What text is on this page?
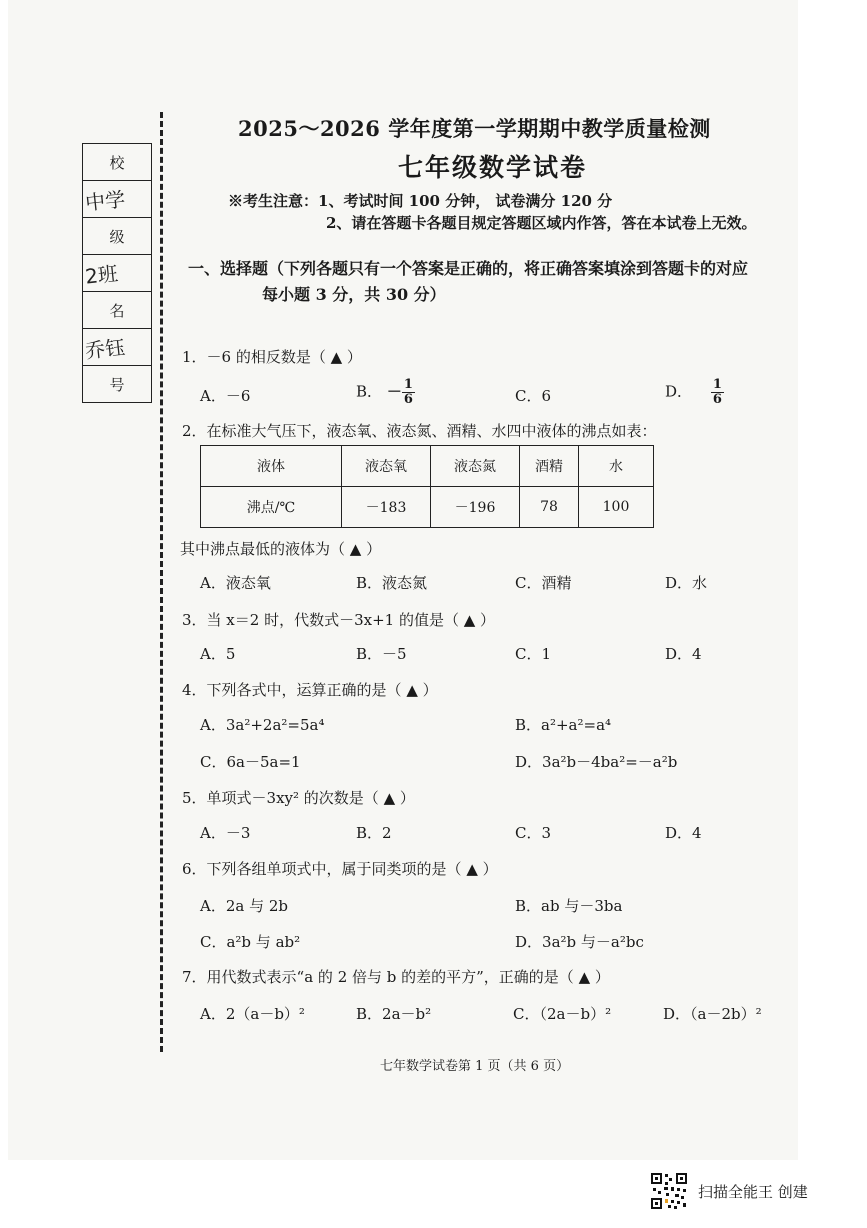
校

中学

级

2班

名

乔钰

号
2025～2026 学年度第一学期期中教学质量检测
七年级数学试卷
※考生注意：1、考试时间 100 分钟， 试卷满分 120 分
2、请在答题卡各题目规定答题区域内作答，答在本试卷上无效。
一、选择题（下列各题只有一个答案是正确的，将正确答案填涂到答题卡的对应
每小题 3 分，共 30 分）
1．－6 的相反数是（ ▲ ）
A．－6	B． － $\frac{1}{6}$	C．6	D． $\frac{1}{6}$
2．在标准大气压下，液态氧、液态氮、酒精、水四中液体的沸点如表：
液体	液态氧	液态氮	酒精	水
沸点/℃	－183	－196	78	100
其中沸点最低的液体为（ ▲ ）
A．液态氧	B．液态氮	C．酒精	D．水
3．当 x＝2 时，代数式－3x+1 的值是（ ▲ ）
A．5	B．－5	C．1	D．4
4．下列各式中，运算正确的是（ ▲ ）
A．3a²+2a²=5a⁴	B．a²+a²=a⁴
C．6a－5a=1	D．3a²b－4ba²=－a²b
5．单项式－3xy² 的次数是（ ▲ ）
A．－3	B．2	C．3	D．4
6．下列各组单项式中，属于同类项的是（ ▲ ）
A．2a 与 2b	B．ab 与－3ba
C．a²b 与 ab²	D．3a²b 与－a²bc
7．用代数式表示“a 的 2 倍与 b 的差的平方”，正确的是（ ▲ ）
A．2（a－b）²	B．2a－b²	C．（2a－b）²	D．（a－2b）²
七年数学试卷第 1 页（共 6 页）
扫描全能王 创建
